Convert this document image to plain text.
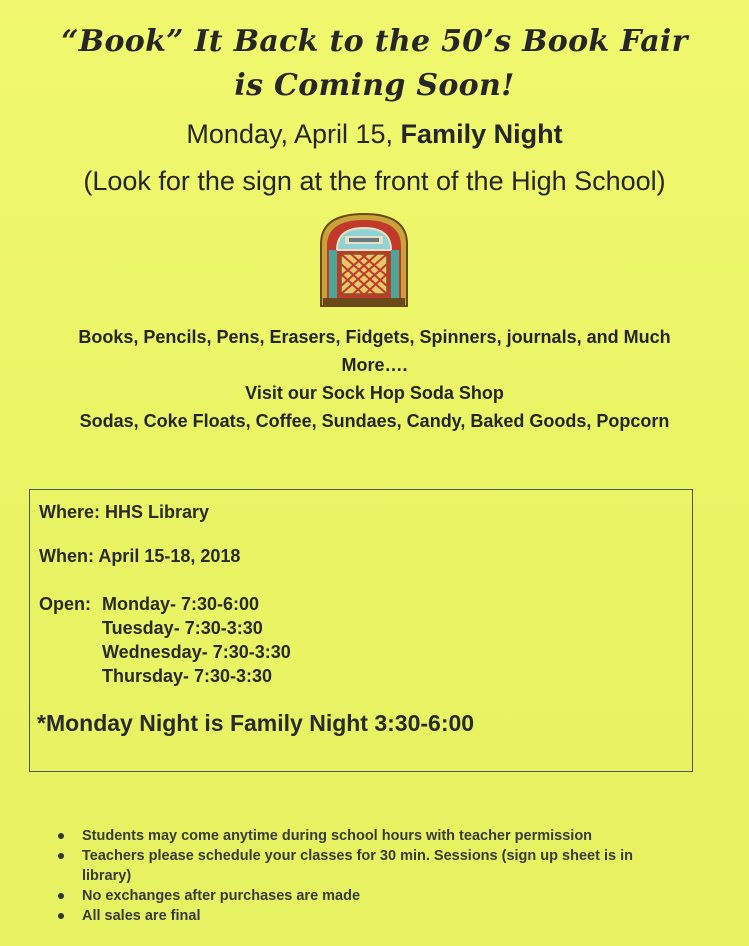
“Book” It Back to the 50’s Book Fair
is Coming Soon!
Monday, April 15, Family Night
(Look for the sign at the front of the High School)
Books, Pencils, Pens, Erasers, Fidgets, Spinners, journals, and Much
More….
Visit our Sock Hop Soda Shop
Sodas, Coke Floats, Coffee, Sundaes, Candy, Baked Goods, Popcorn
Where: HHS Library
When: April 15-18, 2018
Open: Monday- 7:30-6:00
Tuesday- 7:30-3:30
Wednesday- 7:30-3:30
Thursday- 7:30-3:30
*Monday Night is Family Night 3:30-6:00
Students may come anytime during school hours with teacher permission
Teachers please schedule your classes for 30 min. Sessions (sign up sheet is in
library)
No exchanges after purchases are made
All sales are final
